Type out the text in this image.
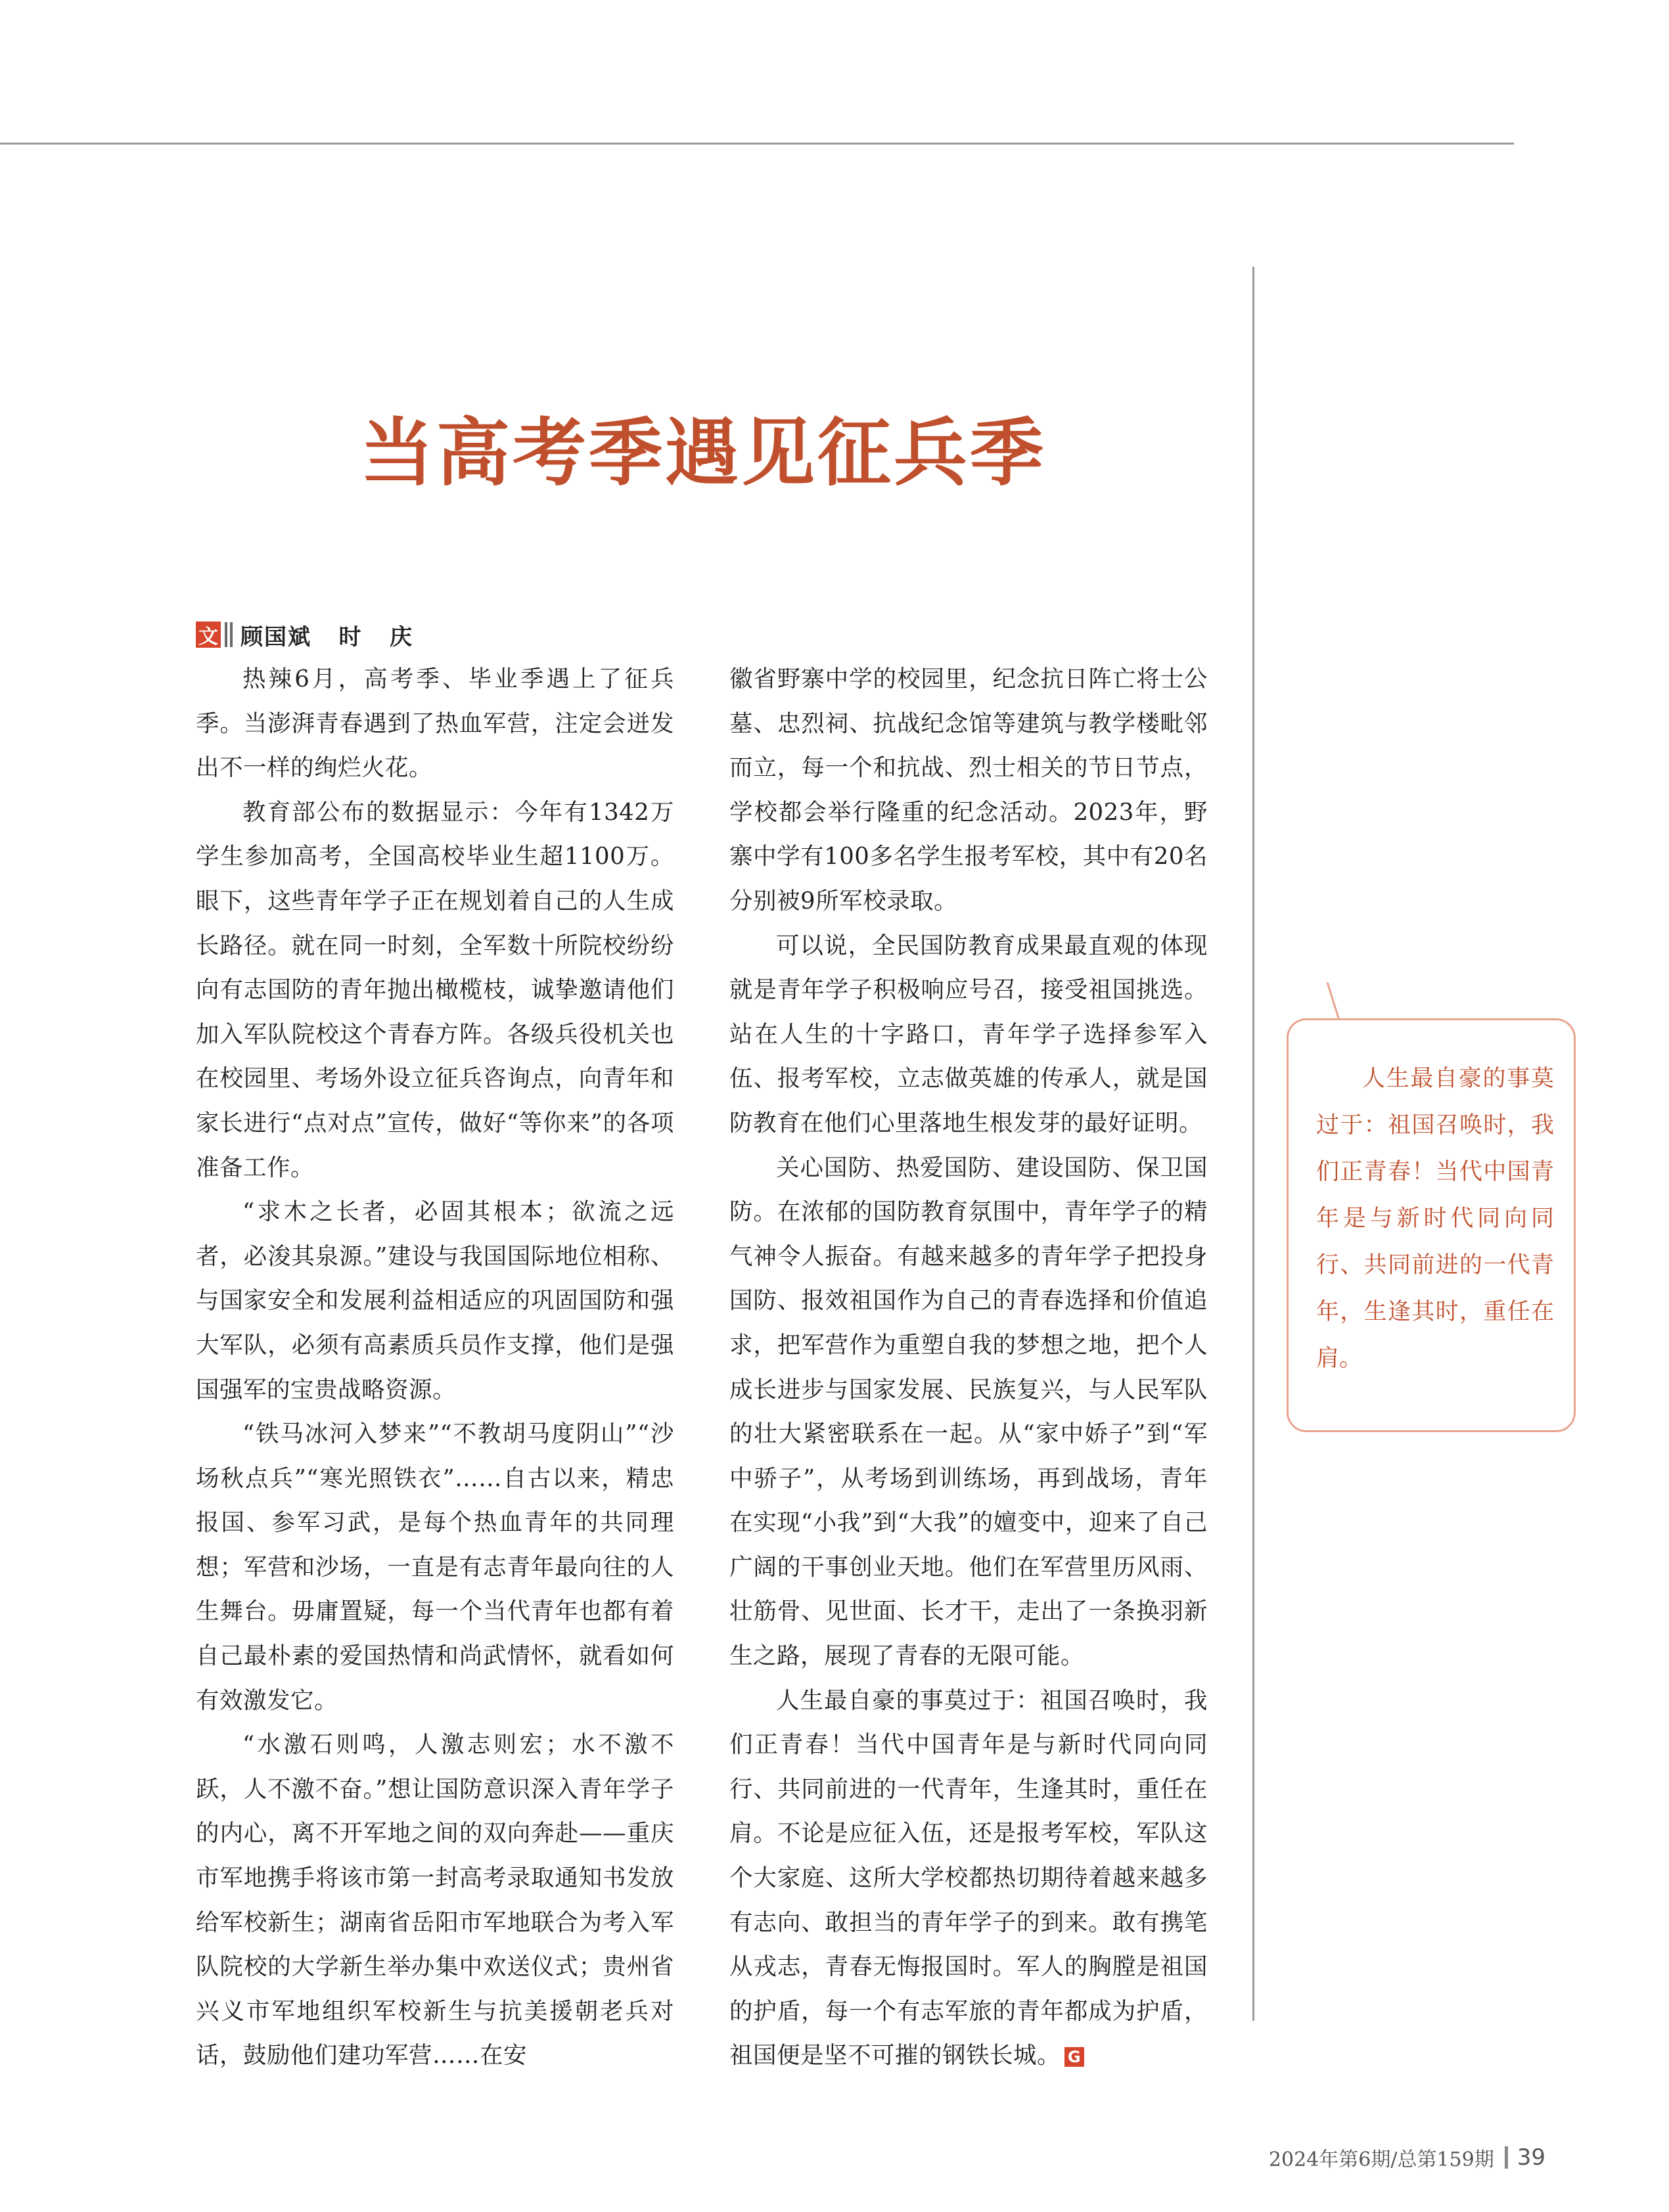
当高考季遇见征兵季
文 顾国斌   时   庆

热辣6月，高考季、毕业季遇上了征兵季。当澎湃青春遇到了热血军营，注定会迸发出不一样的绚烂火花。

教育部公布的数据显示：今年有1342万学生参加高考，全国高校毕业生超1100万。眼下，这些青年学子正在规划着自己的人生成长路径。就在同一时刻，全军数十所院校纷纷向有志国防的青年抛出橄榄枝，诚挚邀请他们加入军队院校这个青春方阵。各级兵役机关也在校园里、考场外设立征兵咨询点，向青年和家长进行“点对点”宣传，做好“等你来”的各项准备工作。

“求木之长者，必固其根本；欲流之远者，必浚其泉源。”建设与我国国际地位相称、与国家安全和发展利益相适应的巩固国防和强大军队，必须有高素质兵员作支撑，他们是强国强军的宝贵战略资源。

“铁马冰河入梦来”“不教胡马度阴山”“沙场秋点兵”“寒光照铁衣”……自古以来，精忠报国、参军习武，是每个热血青年的共同理想；军营和沙场，一直是有志青年最向往的人生舞台。毋庸置疑，每一个当代青年也都有着自己最朴素的爱国热情和尚武情怀，就看如何有效激发它。

“水激石则鸣，人激志则宏；水不激不跃，人不激不奋。”想让国防意识深入青年学子的内心，离不开军地之间的双向奔赴——重庆市军地携手将该市第一封高考录取通知书发放给军校新生；湖南省岳阳市军地联合为考入军队院校的大学新生举办集中欢送仪式；贵州省兴义市军地组织军校新生与抗美援朝老兵对话，鼓励他们建功军营……在安

徽省野寨中学的校园里，纪念抗日阵亡将士公墓、忠烈祠、抗战纪念馆等建筑与教学楼毗邻而立，每一个和抗战、烈士相关的节日节点，学校都会举行隆重的纪念活动。2023年，野寨中学有100多名学生报考军校，其中有20名分别被9所军校录取。

可以说，全民国防教育成果最直观的体现就是青年学子积极响应号召，接受祖国挑选。站在人生的十字路口，青年学子选择参军入伍、报考军校，立志做英雄的传承人，就是国防教育在他们心里落地生根发芽的最好证明。

关心国防、热爱国防、建设国防、保卫国防。在浓郁的国防教育氛围中，青年学子的精气神令人振奋。有越来越多的青年学子把投身国防、报效祖国作为自己的青春选择和价值追求，把军营作为重塑自我的梦想之地，把个人成长进步与国家发展、民族复兴，与人民军队的壮大紧密联系在一起。从“家中娇子”到“军中骄子”，从考场到训练场，再到战场，青年在实现“小我”到“大我”的嬗变中，迎来了自己广阔的干事创业天地。他们在军营里历风雨、壮筋骨、见世面、长才干，走出了一条换羽新生之路，展现了青春的无限可能。

人生最自豪的事莫过于：祖国召唤时，我们正青春！当代中国青年是与新时代同向同行、共同前进的一代青年，生逢其时，重任在肩。不论是应征入伍，还是报考军校，军队这个大家庭、这所大学校都热切期待着越来越多有志向、敢担当的青年学子的到来。敢有携笔从戎志，青春无悔报国时。军人的胸膛是祖国的护盾，每一个有志军旅的青年都成为护盾，祖国便是坚不可摧的钢铁长城。 G

人生最自豪的事莫过于：祖国召唤时，我们正青春！当代中国青年是与新时代同向同行、共同前进的一代青年，生逢其时，重任在肩。

2024年第6期/总第159期 39
